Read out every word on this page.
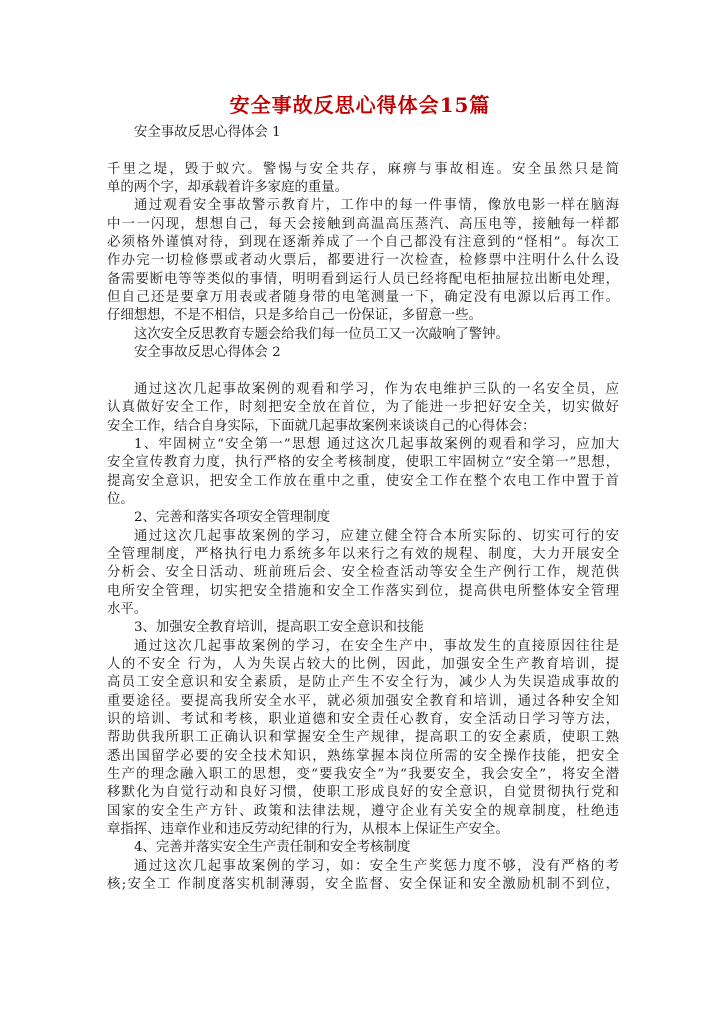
安全事故反思心得体会15篇
安全事故反思心得体会 1
千里之堤，毁于蚁穴。警惕与安全共存，麻痹与事故相连。安全虽然只是简
单的两个字，却承载着许多家庭的重量。
通过观看安全事故警示教育片，工作中的每一件事情，像放电影一样在脑海
中一一闪现，想想自己，每天会接触到高温高压蒸汽、高压电等，接触每一样都
必须格外谨慎对待，到现在逐渐养成了一个自己都没有注意到的“怪相”。每次工
作办完一切检修票或者动火票后，都要进行一次检查，检修票中注明什么什么设
备需要断电等等类似的事情，明明看到运行人员已经将配电柜抽屉拉出断电处理，
但自己还是要拿万用表或者随身带的电笔测量一下，确定没有电源以后再工作。
仔细想想，不是不相信，只是多给自己一份保证，多留意一些。
这次安全反思教育专题会给我们每一位员工又一次敲响了警钟。
安全事故反思心得体会 2
通过这次几起事故案例的观看和学习，作为农电维护三队的一名安全员，应
认真做好安全工作，时刻把安全放在首位，为了能进一步把好安全关，切实做好
安全工作，结合自身实际，下面就几起事故案例来谈谈自己的心得体会：
1、牢固树立“安全第一”思想 通过这次几起事故案例的观看和学习，应加大
安全宣传教育力度，执行严格的安全考核制度，使职工牢固树立“安全第一”思想，
提高安全意识，把安全工作放在重中之重，使安全工作在整个农电工作中置于首
位。
2、完善和落实各项安全管理制度
通过这次几起事故案例的学习，应建立健全符合本所实际的、切实可行的安
全管理制度，严格执行电力系统多年以来行之有效的规程、制度，大力开展安全
分析会、安全日活动、班前班后会、安全检查活动等安全生产例行工作，规范供
电所安全管理，切实把安全措施和安全工作落实到位，提高供电所整体安全管理
水平。
3、加强安全教育培训，提高职工安全意识和技能
通过这次几起事故案例的学习，在安全生产中，事故发生的直接原因往往是
人的不安全 行为，人为失误占较大的比例，因此，加强安全生产教育培训，提
高员工安全意识和安全素质，是防止产生不安全行为，减少人为失误造成事故的
重要途径。要提高我所安全水平，就必须加强安全教育和培训，通过各种安全知
识的培训、考试和考核，职业道德和安全责任心教育，安全活动日学习等方法，
帮助供我所职工正确认识和掌握安全生产规律，提高职工的安全素质，使职工熟
悉出国留学必要的安全技术知识，熟练掌握本岗位所需的安全操作技能，把安全
生产的理念融入职工的思想，变“要我安全”为“我要安全，我会安全”，将安全潜
移默化为自觉行动和良好习惯，使职工形成良好的安全意识，自觉贯彻执行党和
国家的安全生产方针、政策和法律法规，遵守企业有关安全的规章制度，杜绝违
章指挥、违章作业和违反劳动纪律的行为，从根本上保证生产安全。
4、完善并落实安全生产责任制和安全考核制度
通过这次几起事故案例的学习，如：安全生产奖惩力度不够，没有严格的考
核;安全工 作制度落实机制薄弱，安全监督、安全保证和安全激励机制不到位，
